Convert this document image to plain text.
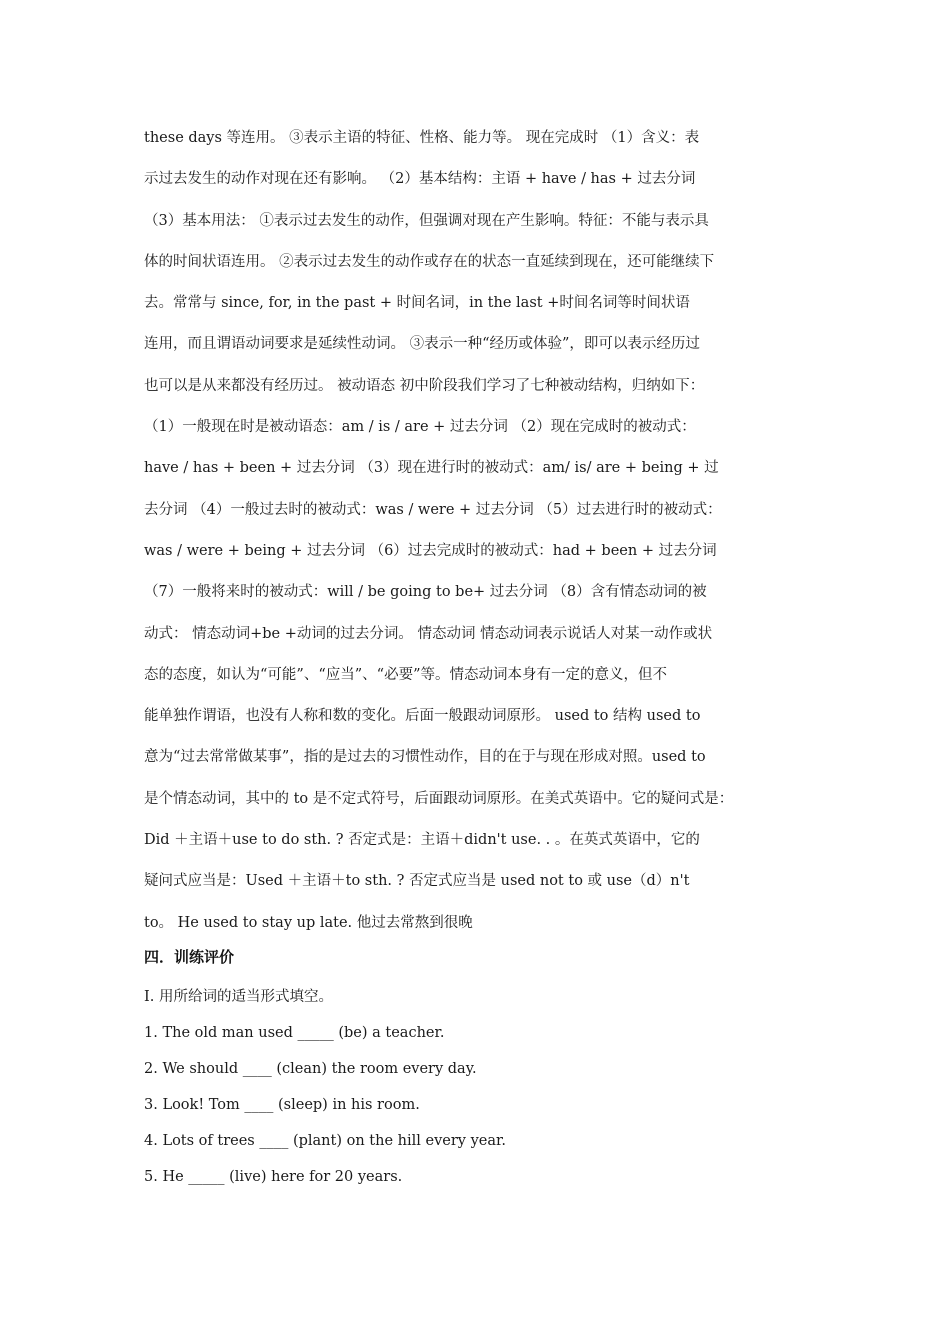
these days 等连用。 ③表示主语的特征、性格、能力等。 现在完成时 （1）含义：表
示过去发生的动作对现在还有影响。 （2）基本结构：主语 + have / has + 过去分词
（3）基本用法： ①表示过去发生的动作，但强调对现在产生影响。特征：不能与表示具
体的时间状语连用。 ②表示过去发生的动作或存在的状态一直延续到现在，还可能继续下
去。常常与 since, for, in the past + 时间名词，in the last +时间名词等时间状语
连用，而且谓语动词要求是延续性动词。 ③表示一种“经历或体验”，即可以表示经历过
也可以是从来都没有经历过。 被动语态 初中阶段我们学习了七种被动结构，归纳如下：
（1）一般现在时是被动语态：am / is / are + 过去分词 （2）现在完成时的被动式：
have / has + been + 过去分词 （3）现在进行时的被动式：am/ is/ are + being + 过
去分词 （4）一般过去时的被动式：was / were + 过去分词 （5）过去进行时的被动式：
was / were + being + 过去分词 （6）过去完成时的被动式：had + been + 过去分词
（7）一般将来时的被动式：will / be going to be+ 过去分词 （8）含有情态动词的被
动式： 情态动词+be +动词的过去分词。 情态动词 情态动词表示说话人对某一动作或状
态的态度，如认为“可能”、“应当”、“必要”等。情态动词本身有一定的意义，但不
能单独作谓语，也没有人称和数的变化。后面一般跟动词原形。 used to 结构 used to
意为“过去常常做某事”，指的是过去的习惯性动作，目的在于与现在形成对照。used to
是个情态动词，其中的 to 是不定式符号，后面跟动词原形。在美式英语中。它的疑问式是：
Did ＋主语＋use to do sth. ? 否定式是：主语＋didn't use. . 。在英式英语中，它的
疑问式应当是：Used ＋主语＋to sth. ? 否定式应当是 used not to 或 use（d）n't
to。 He used to stay up late. 他过去常熬到很晚
四．训练评价
I. 用所给词的适当形式填空。
1. The old man used _____ (be) a teacher.
2. We should ____ (clean) the room every day.
3. Look! Tom ____ (sleep) in his room.
4. Lots of trees ____ (plant) on the hill every year.
5. He _____ (live) here for 20 years.
